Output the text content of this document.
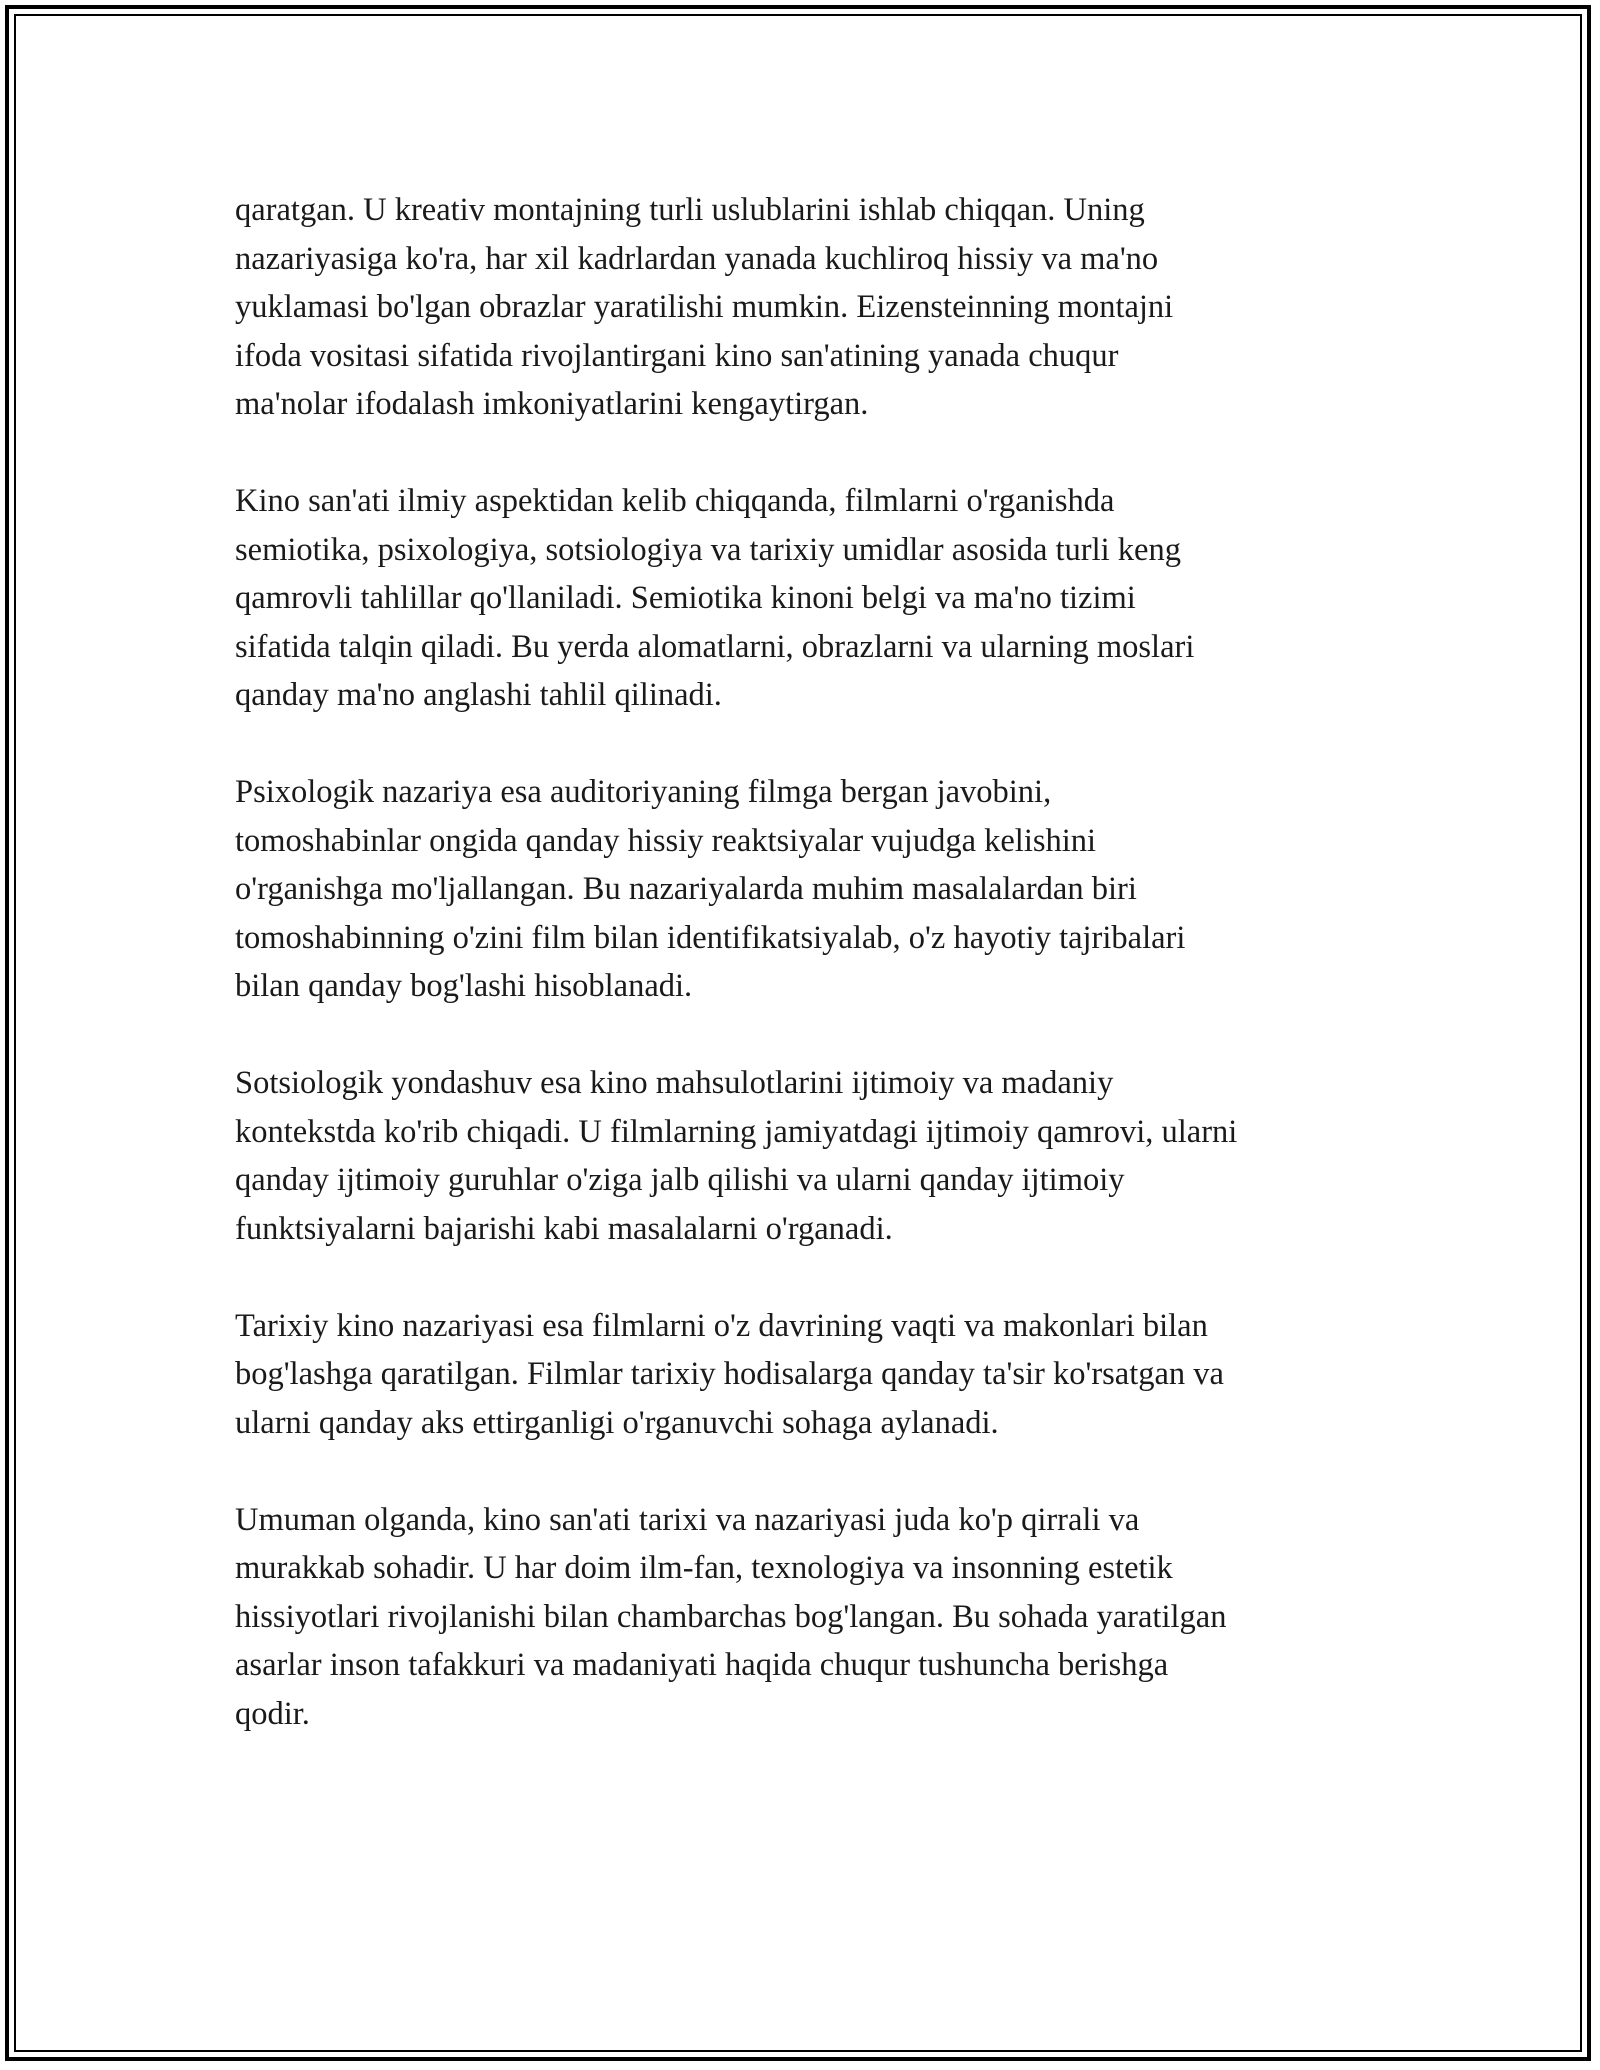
qaratgan. U kreativ montajning turli uslublarini ishlab chiqqan. Uning
nazariyasiga ko'ra, har xil kadrlardan yanada kuchliroq hissiy va ma'no
yuklamasi bo'lgan obrazlar yaratilishi mumkin. Eizensteinning montajni
ifoda vositasi sifatida rivojlantirgani kino san'atining yanada chuqur
ma'nolar ifodalash imkoniyatlarini kengaytirgan.

Kino san'ati ilmiy aspektidan kelib chiqqanda, filmlarni o'rganishda
semiotika, psixologiya, sotsiologiya va tarixiy umidlar asosida turli keng
qamrovli tahlillar qo'llaniladi. Semiotika kinoni belgi va ma'no tizimi
sifatida talqin qiladi. Bu yerda alomatlarni, obrazlarni va ularning moslari
qanday ma'no anglashi tahlil qilinadi.

Psixologik nazariya esa auditoriyaning filmga bergan javobini,
tomoshabinlar ongida qanday hissiy reaktsiyalar vujudga kelishini
o'rganishga mo'ljallangan. Bu nazariyalarda muhim masalalardan biri
tomoshabinning o'zini film bilan identifikatsiyalab, o'z hayotiy tajribalari
bilan qanday bog'lashi hisoblanadi.

Sotsiologik yondashuv esa kino mahsulotlarini ijtimoiy va madaniy
kontekstda ko'rib chiqadi. U filmlarning jamiyatdagi ijtimoiy qamrovi, ularni
qanday ijtimoiy guruhlar o'ziga jalb qilishi va ularni qanday ijtimoiy
funktsiyalarni bajarishi kabi masalalarni o'rganadi.

Tarixiy kino nazariyasi esa filmlarni o'z davrining vaqti va makonlari bilan
bog'lashga qaratilgan. Filmlar tarixiy hodisalarga qanday ta'sir ko'rsatgan va
ularni qanday aks ettirganligi o'rganuvchi sohaga aylanadi.

Umuman olganda, kino san'ati tarixi va nazariyasi juda ko'p qirrali va
murakkab sohadir. U har doim ilm-fan, texnologiya va insonning estetik
hissiyotlari rivojlanishi bilan chambarchas bog'langan. Bu sohada yaratilgan
asarlar inson tafakkuri va madaniyati haqida chuqur tushuncha berishga
qodir.
